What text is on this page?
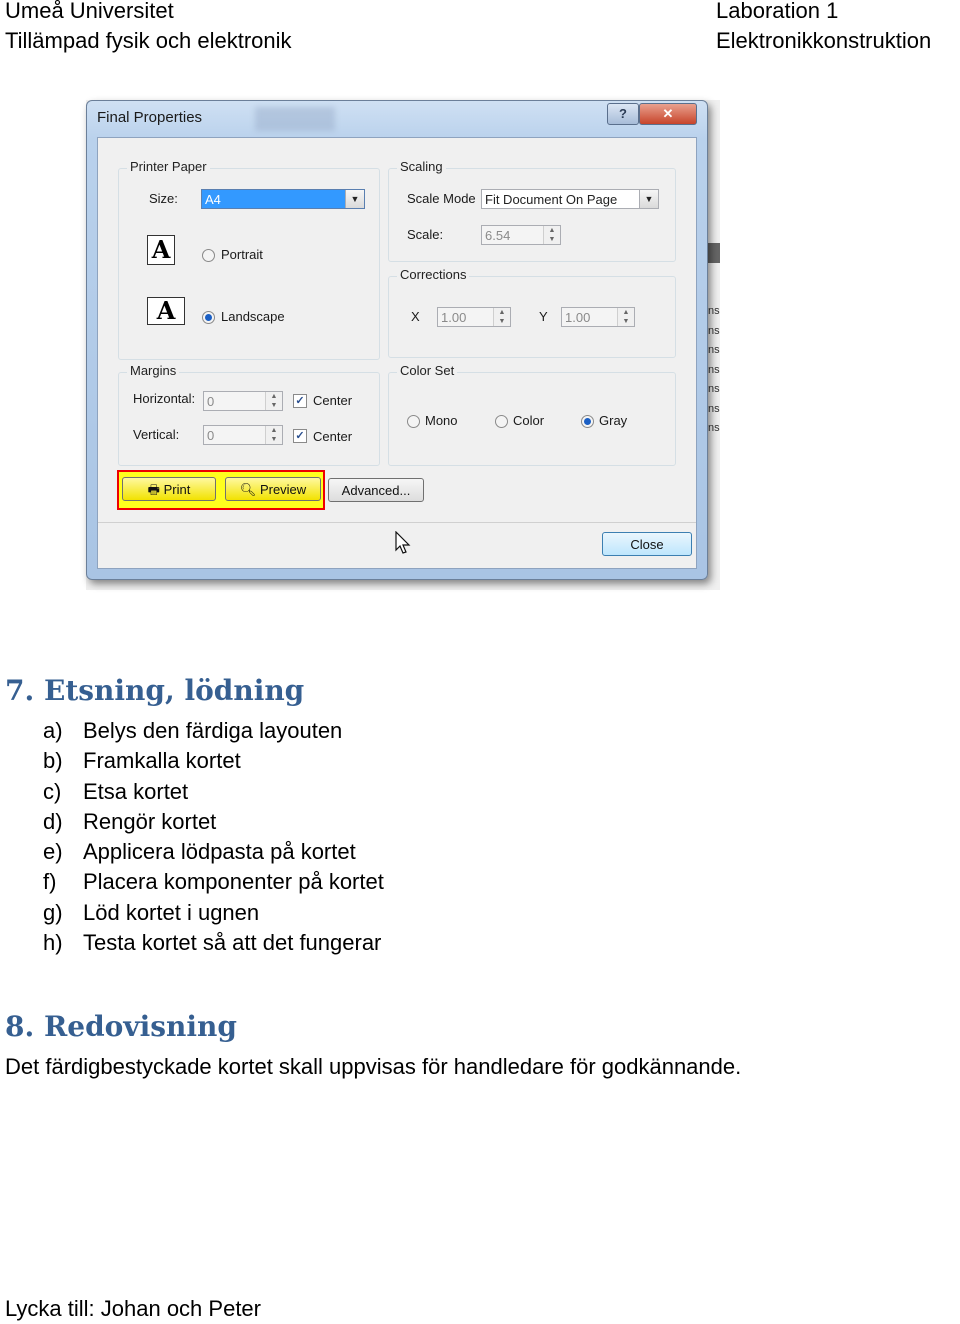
Umeå Universitet
Tillämpad fysik och elektronik
Laboration 1
Elektronikkonstruktion
ns
ns
ns
ns
ns
ns
ns
Final Properties	?	✕
Printer Paper
Size:	A4	▼
A	Portrait
A	Landscape
Scaling
Scale Mode Fit Document On Page	▼
Scale:	6.54	▲
▼
Corrections
X	1.00	▲
▼	Y	1.00	▲
▼
Margins
Horizontal: 0	▲
▼	✓ Center
Vertical:	0	▲
▼	✓ Center
Color Set
Mono	Color	Gray
Close
🖶 Print	🔍︎ Preview	Advanced...
7. Etsning, lödning
a) Belys den färdiga layouten
b) Framkalla kortet
c) Etsa kortet
d) Rengör kortet
e) Applicera lödpasta på kortet
f) Placera komponenter på kortet
g) Löd kortet i ugnen
h) Testa kortet så att det fungerar
8. Redovisning
Det färdigbestyckade kortet skall uppvisas för handledare för godkännande.
Lycka till: Johan och Peter
